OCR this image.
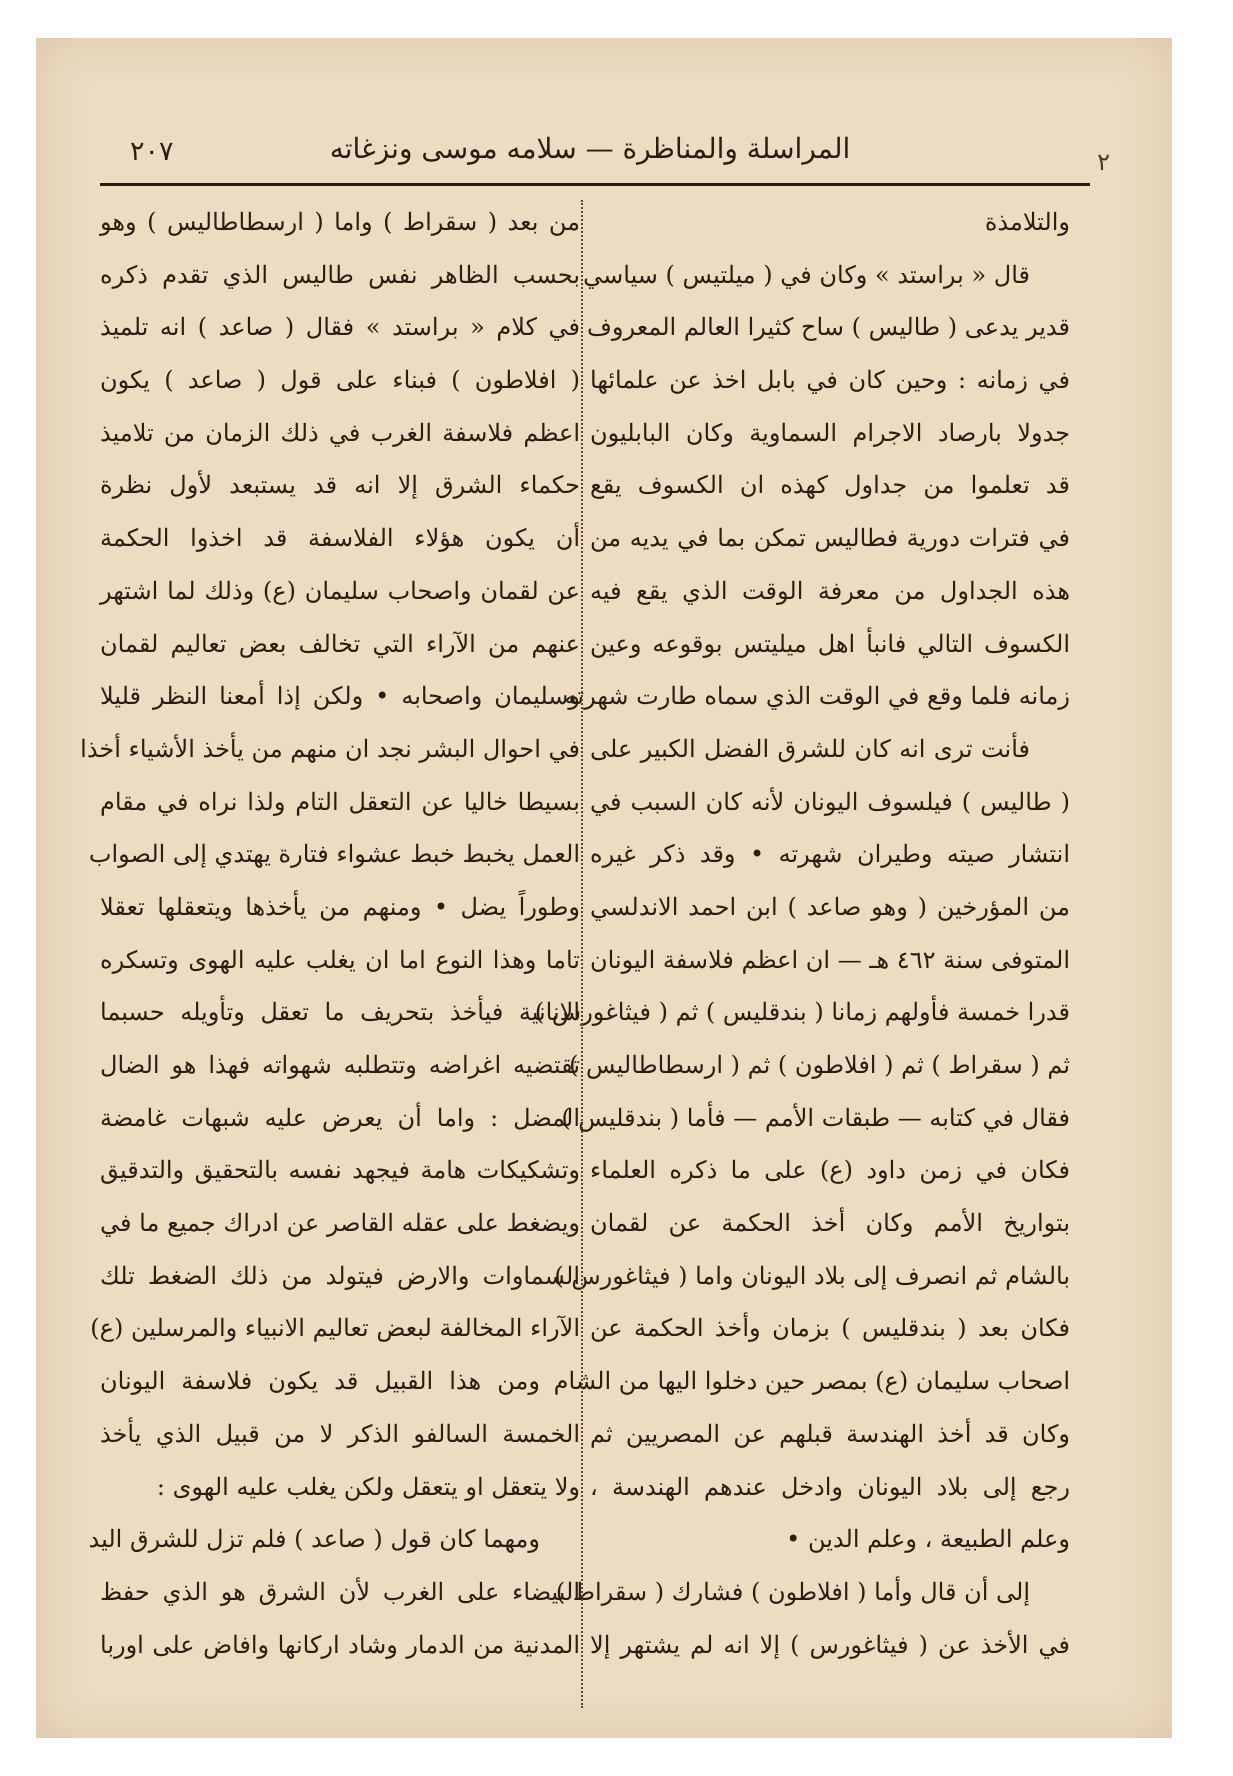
٢٠٧	المراسلة والمناظرة — سلامه موسى ونزغاته	٢
والتلامذة
قال « براستد » وكان في ( ميلتيس ) سياسي
قدير يدعى ( طاليس ) ساح كثيرا العالم المعروف
في زمانه : وحين كان في بابل اخذ عن علمائها
جدولا بارصاد الاجرام السماوية وكان البابليون
قد تعلموا من جداول كهذه ان الكسوف يقع
في فترات دورية فطاليس تمكن بما في يديه من
هذه الجداول من معرفة الوقت الذي يقع فيه
الكسوف التالي فانبأ اهل ميليتس بوقوعه وعين
زمانه فلما وقع في الوقت الذي سماه طارت شهرته
فأنت ترى انه كان للشرق الفضل الكبير على
( طاليس ) فيلسوف اليونان لأنه كان السبب في
انتشار صيته وطيران شهرته • وقد ذكر غيره
من المؤرخين ( وهو صاعد ) ابن احمد الاندلسي
المتوفى سنة ٤٦٢ هـ — ان اعظم فلاسفة اليونان
قدرا خمسة فأولهم زمانا ( بندقليس ) ثم ( فيثاغورس )
ثم ( سقراط ) ثم ( افلاطون ) ثم ( ارسطاطاليس )
فقال في كتابه — طبقات الأمم — فأما ( بندقليس )
فكان في زمن داود (ع) على ما ذكره العلماء
بتواريخ الأمم وكان أخذ الحكمة عن لقمان
بالشام ثم انصرف إلى بلاد اليونان واما ( فيثاغورس )
فكان بعد ( بندقليس ) بزمان وأخذ الحكمة عن
اصحاب سليمان (ع) بمصر حين دخلوا اليها من الشام
وكان قد أخذ الهندسة قبلهم عن المصريين ثم
رجع إلى بلاد اليونان وادخل عندهم الهندسة ،
وعلم الطبيعة ، وعلم الدين •
إلى أن قال وأما ( افلاطون ) فشارك ( سقراط )
في الأخذ عن ( فيثاغورس ) إلا انه لم يشتهر إلا
من بعد ( سقراط ) واما ( ارسطاطاليس ) وهو
بحسب الظاهر نفس طاليس الذي تقدم ذكره
في كلام « براستد » فقال ( صاعد ) انه تلميذ
( افلاطون ) فبناء على قول ( صاعد ) يكون
اعظم فلاسفة الغرب في ذلك الزمان من تلاميذ
حكماء الشرق إلا انه قد يستبعد لأول نظرة
أن يكون هؤلاء الفلاسفة قد اخذوا الحكمة
عن لقمان واصحاب سليمان (ع) وذلك لما اشتهر
عنهم من الآراء التي تخالف بعض تعاليم لقمان
وسليمان واصحابه • ولكن إذا أمعنا النظر قليلا
في احوال البشر نجد ان منهم من يأخذ الأشياء أخذا
بسيطا خاليا عن التعقل التام ولذا نراه في مقام
العمل يخبط خبط عشواء فتارة يهتدي إلى الصواب
وطوراً يضل • ومنهم من يأخذها ويتعقلها تعقلا
تاما وهذا النوع اما ان يغلب عليه الهوى وتسكره
الانانية فيأخذ بتحريف ما تعقل وتأويله حسبما
تقتضيه اغراضه وتتطلبه شهواته فهذا هو الضال
المضل : واما أن يعرض عليه شبهات غامضة
وتشكيكات هامة فيجهد نفسه بالتحقيق والتدقيق
ويضغط على عقله القاصر عن ادراك جميع ما في
السماوات والارض فيتولد من ذلك الضغط تلك
الآراء المخالفة لبعض تعاليم الانبياء والمرسلين (ع)
ومن هذا القبيل قد يكون فلاسفة اليونان
الخمسة السالفو الذكر لا من قبيل الذي يأخذ
ولا يتعقل او يتعقل ولكن يغلب عليه الهوى :
ومهما كان قول ( صاعد ) فلم تزل للشرق اليد
البيضاء على الغرب لأن الشرق هو الذي حفظ
المدنية من الدمار وشاد اركانها وافاض على اوربا
